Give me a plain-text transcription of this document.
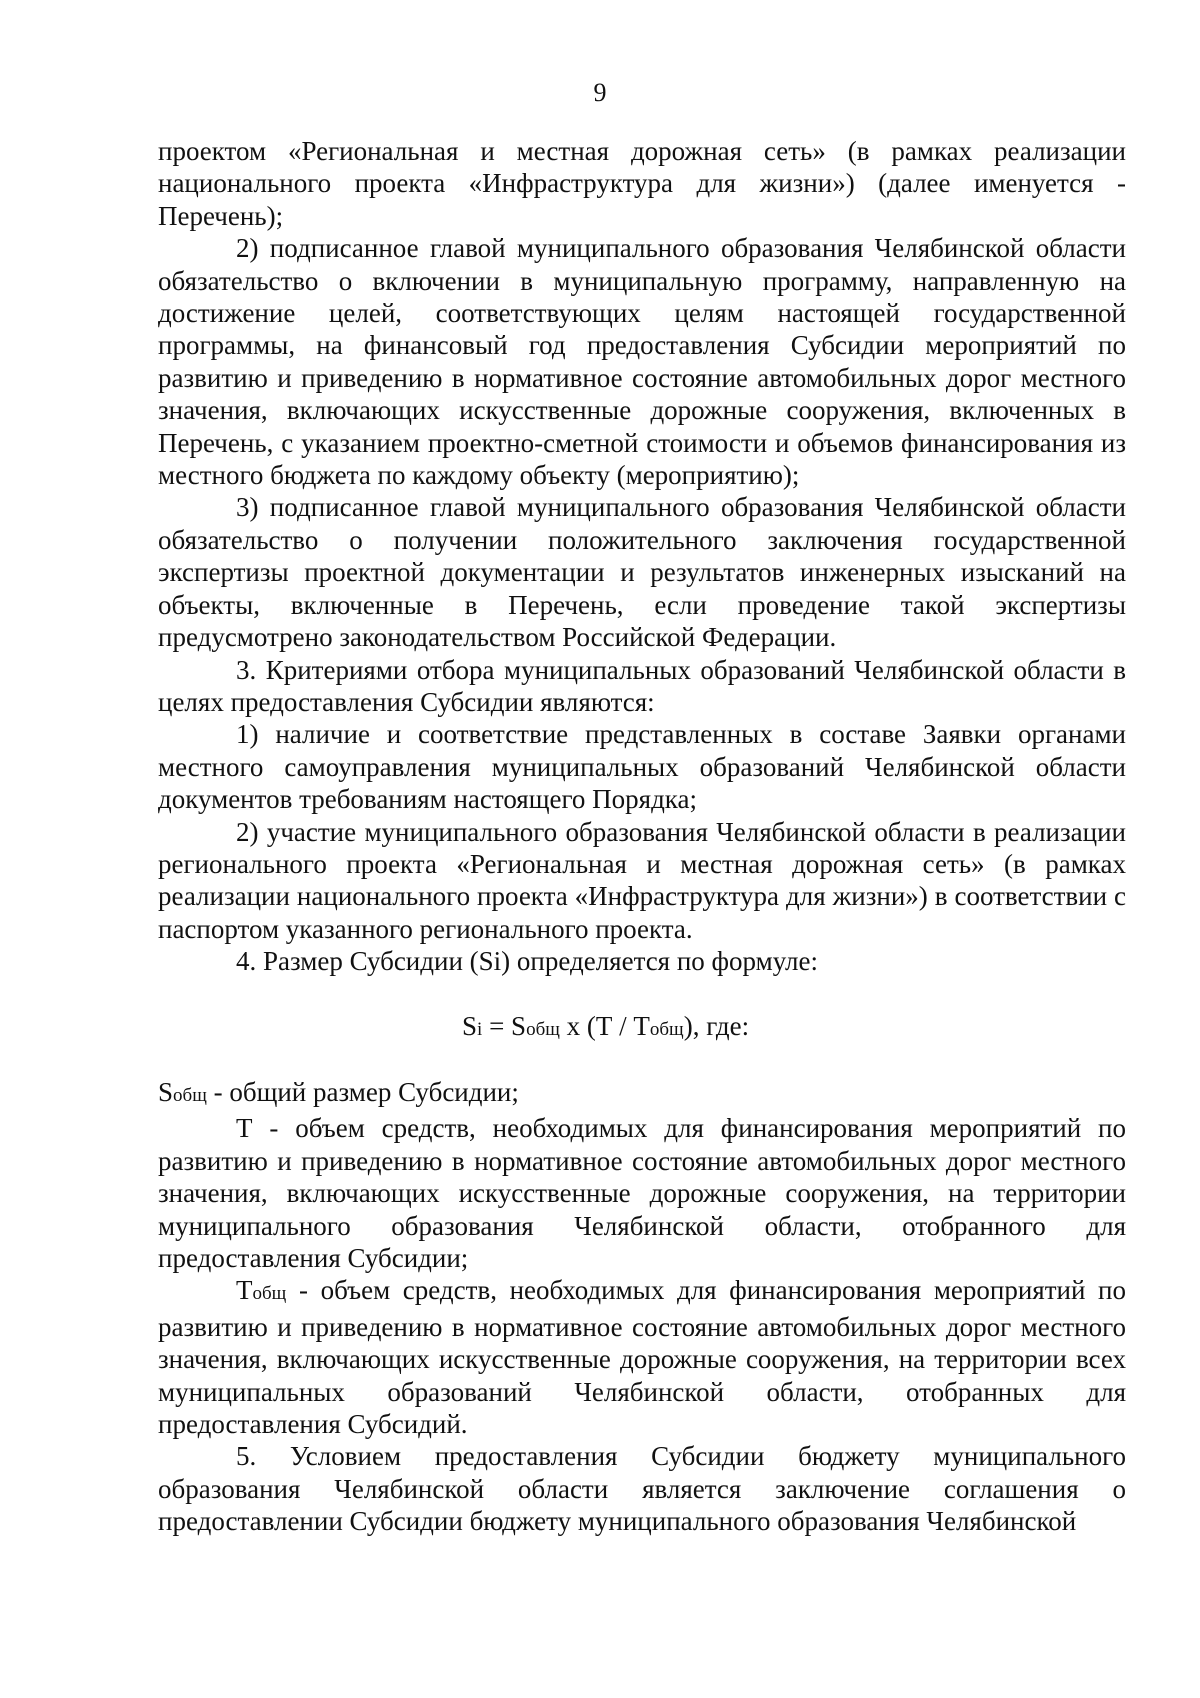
9

проектом «Региональная и местная дорожная сеть» (в рамках реализации национального проекта «Инфраструктура для жизни») (далее именуется - Перечень);

2) подписанное главой муниципального образования Челябинской области обязательство о включении в муниципальную программу, направленную на достижение целей, соответствующих целям настоящей государственной программы, на финансовый год предоставления Субсидии мероприятий по развитию и приведению в нормативное состояние автомобильных дорог местного значения, включающих искусственные дорожные сооружения, включенных в Перечень, с указанием проектно-сметной стоимости и объемов финансирования из местного бюджета по каждому объекту (мероприятию);

3) подписанное главой муниципального образования Челябинской области обязательство о получении положительного заключения государственной экспертизы проектной документации и результатов инженерных изысканий на объекты, включенные в Перечень, если проведение такой экспертизы предусмотрено законодательством Российской Федерации.

3. Критериями отбора муниципальных образований Челябинской области в целях предоставления Субсидии являются:

1) наличие и соответствие представленных в составе Заявки органами местного самоуправления муниципальных образований Челябинской области документов требованиям настоящего Порядка;

2) участие муниципального образования Челябинской области в реализации регионального проекта «Региональная и местная дорожная сеть» (в рамках реализации национального проекта «Инфраструктура для жизни») в соответствии с паспортом указанного регионального проекта.

4. Размер Субсидии (Si) определяется по формуле:

Si = Sобщ х (Т / Тобщ), где:

Sобщ - общий размер Субсидии;

Т - объем средств, необходимых для финансирования мероприятий по развитию и приведению в нормативное состояние автомобильных дорог местного значения, включающих искусственные дорожные сооружения, на территории муниципального образования Челябинской области, отобранного для предоставления Субсидии;

Тобщ - объем средств, необходимых для финансирования мероприятий по развитию и приведению в нормативное состояние автомобильных дорог местного значения, включающих искусственные дорожные сооружения, на территории всех муниципальных образований Челябинской области, отобранных для предоставления Субсидий.

5. Условием предоставления Субсидии бюджету муниципального образования Челябинской области является заключение соглашения о предоставлении Субсидии бюджету муниципального образования Челябинской
